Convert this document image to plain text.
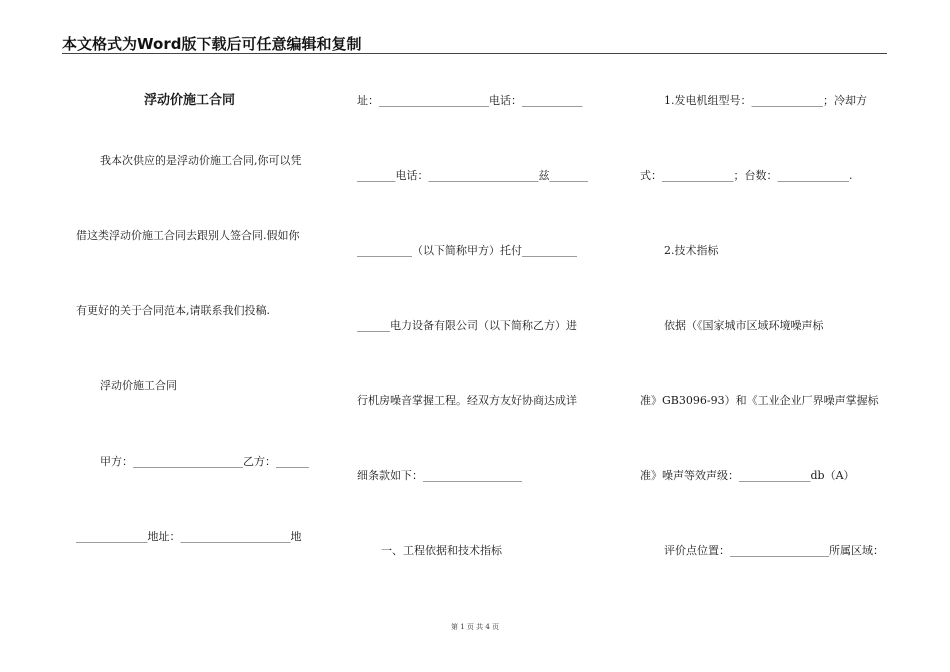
本文格式为Word版下载后可任意编辑和复制
浮动价施工合同
我本次供应的是浮动价施工合同,你可以凭
借这类浮动价施工合同去跟别人签合同.假如你
有更好的关于合同范本,请联系我们投稿.
浮动价施工合同
甲方：____________________乙方：______
_____________地址：____________________地
址：____________________电话：___________
_______电话：____________________兹_______
__________（以下简称甲方）托付__________
______电力设备有限公司（以下简称乙方）进
行机房噪音掌握工程。经双方友好协商达成详
细条款如下：__________________
一、工程依据和技术指标
1.发电机组型号：_____________；冷却方
式：_____________；台数：_____________.
2.技术指标
依据（《国家城市区域环境噪声标
准》GB3096-93）和《工业企业厂界噪声掌握标
准》噪声等效声级：_____________db（A）
评价点位置：__________________所属区域：
第 1 页 共 4 页
